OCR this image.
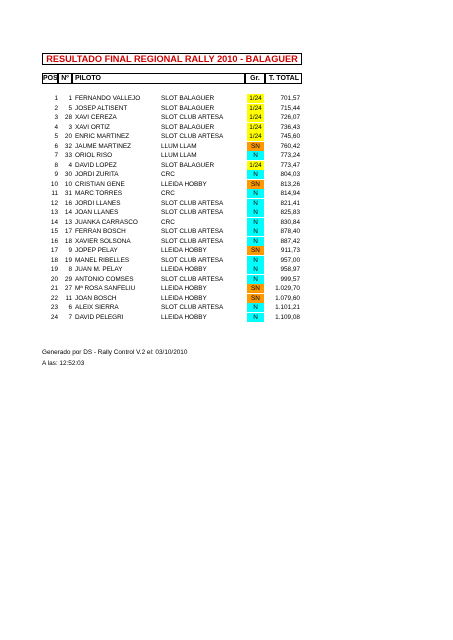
RESULTADO FINAL REGIONAL RALLY 2010 - BALAGUER
POS Nº PILOTO	Gr.	T. TOTAL
1	1 FERNANDO VALLEJO	SLOT BALAGUER	1/24	701,57
2	5 JOSEP ALTISENT	SLOT BALAGUER	1/24	715,44
3	28 XAVI CEREZA	SLOT CLUB ARTESA	1/24	726,07
4	3 XAVI ORTIZ	SLOT BALAGUER	1/24	736,43
5	20 ENRIC MARTINEZ	SLOT CLUB ARTESA	1/24	745,60
6	32 JAUME MARTINEZ	LLUM LLAM	SN	760,42
7	33 ORIOL RISO	LLUM LLAM	N	773,24
8	4 DAVID LOPEZ	SLOT BALAGUER	1/24	773,47
9	30 JORDI ZURITA	CRC	N	804,03
10	10 CRISTIAN GENE	LLEIDA HOBBY	SN	813,26
11	31 MARC TORRES	CRC	N	814,94
12	16 JORDI LLANES	SLOT CLUB ARTESA	N	821,41
13	14 JOAN LLANES	SLOT CLUB ARTESA	N	825,83
14	13 JUANKA CARRASCO	CRC	N	830,84
15	17 FERRAN BOSCH	SLOT CLUB ARTESA	N	878,40
16	18 XAVIER SOLSONA	SLOT CLUB ARTESA	N	887,42
17	9 JOPEP PELAY	LLEIDA HOBBY	SN	911,73
18	19 MANEL RIBELLES	SLOT CLUB ARTESA	N	957,00
19	8 JUAN M. PELAY	LLEIDA HOBBY	N	958,97
20	29 ANTONIO COMSES	SLOT CLUB ARTESA	N	999,57
21	27 Mª ROSA SANFELIU	LLEIDA HOBBY	SN	1.029,70
22	11 JOAN BOSCH	LLEIDA HOBBY	SN	1.079,60
23	6 ALEIX SIERRA	SLOT CLUB ARTESA	N	1.101,21
24	7 DAVID PELEGRI	LLEIDA HOBBY	N	1.109,08
Generado por DS - Rally Control V.2 el: 03/10/2010
A las: 12:52:03
